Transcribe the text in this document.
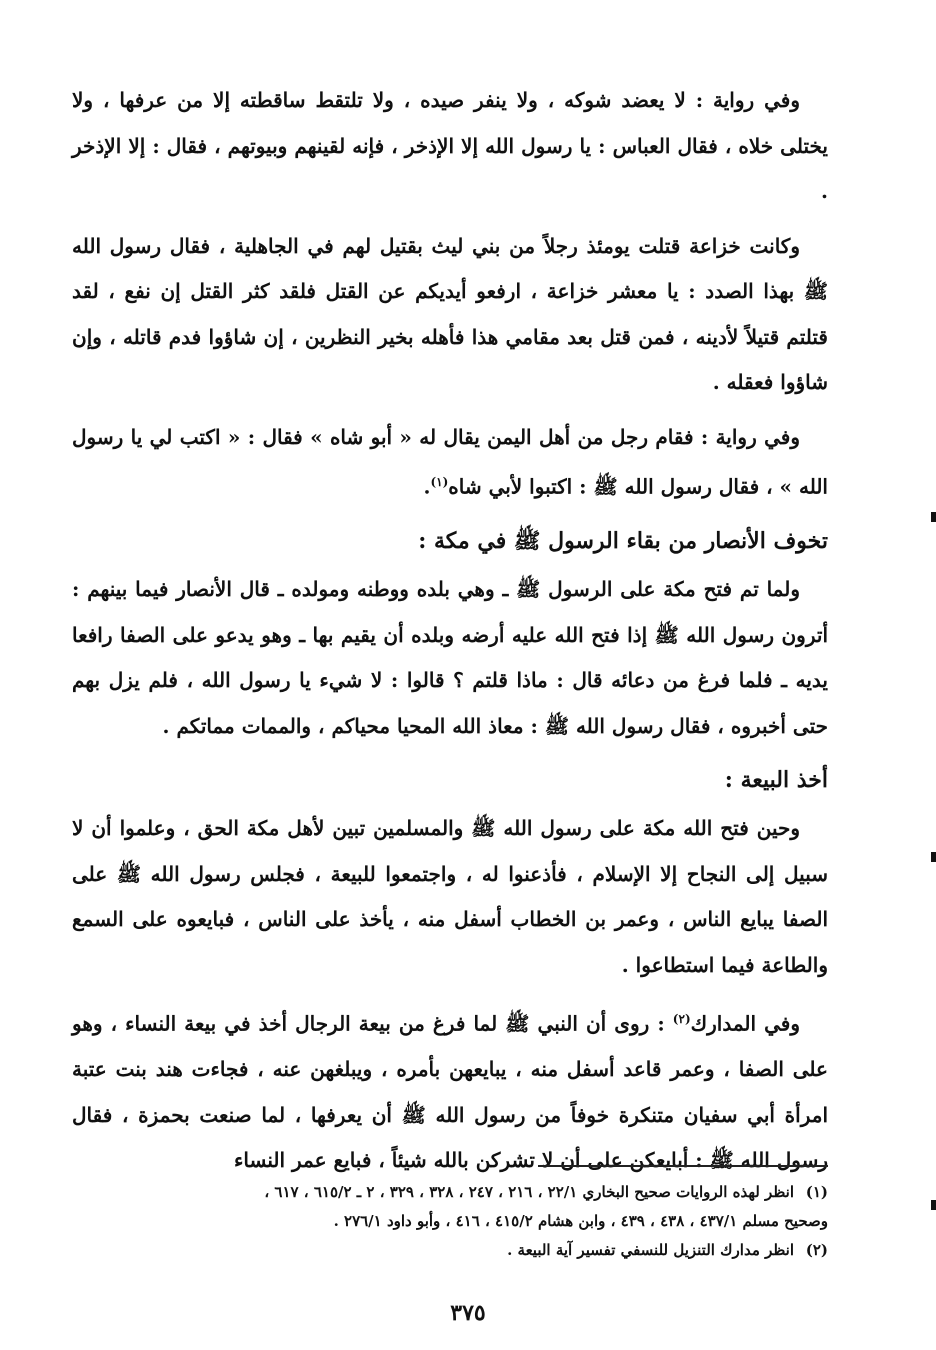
وفي رواية : لا يعضد شوكه ، ولا ينفر صيده ، ولا تلتقط ساقطته إلا من عرفها ، ولا يختلى خلاه ، فقال العباس : يا رسول الله إلا الإذخر ، فإنه لقينهم وبيوتهم ، فقال : إلا الإذخر .

وكانت خزاعة قتلت يومئذ رجلاً من بني ليث بقتيل لهم في الجاهلية ، فقال رسول الله ﷺ بهذا الصدد : يا معشر خزاعة ، ارفعو أيديكم عن القتل فلقد كثر القتل إن نفع ، لقد قتلتم قتيلاً لأدينه ، فمن قتل بعد مقامي هذا فأهله بخير النظرين ، إن شاؤوا فدم قاتله ، وإن شاؤوا فعقله .

وفي رواية : فقام رجل من أهل اليمن يقال له « أبو شاه » فقال : « اكتب لي يا رسول الله » ، فقال رسول الله ﷺ : اكتبوا لأبي شاه$^{(١)}$.

تخوف الأنصار من بقاء الرسول ﷺ في مكة :

ولما تم فتح مكة على الرسول ﷺ ـ وهي بلده ووطنه ومولده ـ قال الأنصار فيما بينهم : أترون رسول الله ﷺ إذا فتح الله عليه أرضه وبلده أن يقيم بها ـ وهو يدعو على الصفا رافعا يديه ـ فلما فرغ من دعائه قال : ماذا قلتم ؟ قالوا : لا شيء يا رسول الله ، فلم يزل بهم حتى أخبروه ، فقال رسول الله ﷺ : معاذ الله المحيا محياكم ، والممات مماتكم .

أخذ البيعة :

وحين فتح الله مكة على رسول الله ﷺ والمسلمين تبين لأهل مكة الحق ، وعلموا أن لا سبيل إلى النجاح إلا الإسلام ، فأذعنوا له ، واجتمعوا للبيعة ، فجلس رسول الله ﷺ على الصفا يبايع الناس ، وعمر بن الخطاب أسفل منه ، يأخذ على الناس ، فبايعوه على السمع والطاعة فيما استطاعوا .

وفي المدارك$^{(٢)}$ : روى أن النبي ﷺ لما فرغ من بيعة الرجال أخذ في بيعة النساء ، وهو على الصفا ، وعمر قاعد أسفل منه ، يبايعهن بأمره ، ويبلغهن عنه ، فجاءت هند بنت عتبة امرأة أبي سفيان متنكرة خوفاً من رسول الله ﷺ أن يعرفها ، لما صنعت بحمزة ، فقال رسول الله ﷺ : أبايعكن على أن لا تشركن بالله شيئاً ، فبايع عمر النساء

(١)انظر لهذه الروايات صحيح البخاري ٢٢/١ ، ٢١٦ ، ٢٤٧ ، ٣٢٨ ، ٣٢٩ ، ٢ ـ ٦١٥/٢ ، ٦١٧ ،

وصحيح مسلم ٤٣٧/١ ، ٤٣٨ ، ٤٣٩ ، وابن هشام ٤١٥/٢ ، ٤١٦ ، وأبو داود ٢٧٦/١ .

(٢)انظر مدارك التنزيل للنسفي تفسير آية البيعة .

٣٧٥
